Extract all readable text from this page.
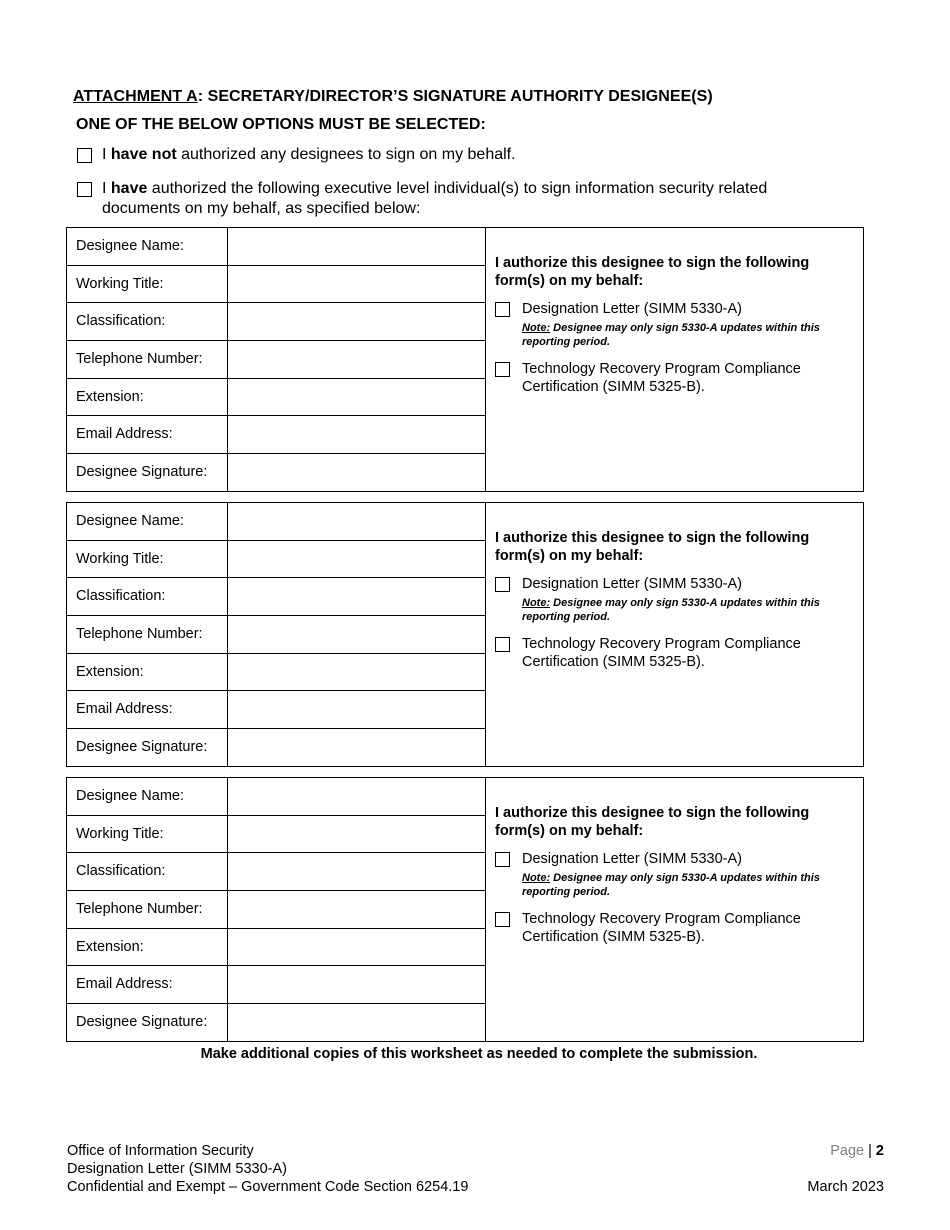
ATTACHMENT A: SECRETARY/DIRECTOR’S SIGNATURE AUTHORITY DESIGNEE(S)
ONE OF THE BELOW OPTIONS MUST BE SELECTED:
I have not authorized any designees to sign on my behalf.
I have authorized the following executive level individual(s) to sign information security related
documents on my behalf, as specified below:
Designee Name:
Working Title:
Classification:
Telephone Number:
Extension:
Email Address:
Designee Signature:
I authorize this designee to sign the following form(s) on my behalf:
Designation Letter (SIMM 5330-A)
Note: Designee may only sign 5330-A updates within this reporting period.
Technology Recovery Program Compliance Certification (SIMM 5325-B).
Designee Name:
Working Title:
Classification:
Telephone Number:
Extension:
Email Address:
Designee Signature:
I authorize this designee to sign the following form(s) on my behalf:
Designation Letter (SIMM 5330-A)
Note: Designee may only sign 5330-A updates within this reporting period.
Technology Recovery Program Compliance Certification (SIMM 5325-B).
Designee Name:
Working Title:
Classification:
Telephone Number:
Extension:
Email Address:
Designee Signature:
I authorize this designee to sign the following form(s) on my behalf:
Designation Letter (SIMM 5330-A)
Note: Designee may only sign 5330-A updates within this reporting period.
Technology Recovery Program Compliance Certification (SIMM 5325-B).
Make additional copies of this worksheet as needed to complete the submission.
Office of Information Security
Designation Letter (SIMM 5330-A)
Confidential and Exempt – Government Code Section 6254.19
Page | 2
March 2023
